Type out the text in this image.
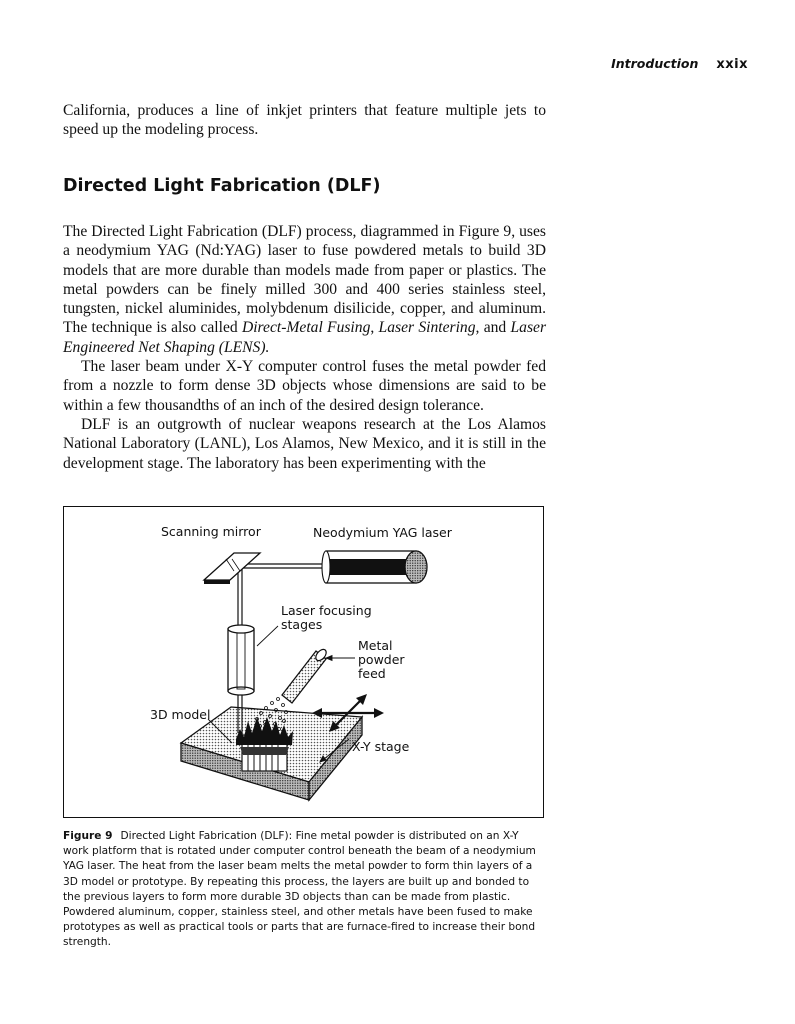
Introduction xxix

California, produces a line of inkjet printers that feature multiple jets to speed up the modeling process.

Directed Light Fabrication (DLF)

The Directed Light Fabrication (DLF) process, diagrammed in Figure 9, uses a neodymium YAG (Nd:YAG) laser to fuse powdered metals to build 3D models that are more durable than models made from paper or plastics. The metal powders can be finely milled 300 and 400 series stainless steel, tungsten, nickel aluminides, molybdenum disilicide, copper, and aluminum. The technique is also called Direct-Metal Fusing, Laser Sintering, and Laser Engineered Net Shaping (LENS).

The laser beam under X-Y computer control fuses the metal powder fed from a nozzle to form dense 3D objects whose dimensions are said to be within a few thousandths of an inch of the desired design tolerance.

DLF is an outgrowth of nuclear weapons research at the Los Alamos National Laboratory (LANL), Los Alamos, New Mexico, and it is still in the development stage. The laboratory has been experimenting with the

Scanning mirror	Neodymium YAG laser
Laser focusing
stages
Metal
powder
feed
3D model
X-Y stage

Figure 9 Directed Light Fabrication (DLF): Fine metal powder is distributed on an X-Y work platform that is rotated under computer control beneath the beam of a neodymium YAG laser. The heat from the laser beam melts the metal powder to form thin layers of a 3D model or prototype. By repeating this process, the layers are built up and bonded to the previous layers to form more durable 3D objects than can be made from plastic. Powdered aluminum, copper, stainless steel, and other metals have been fused to make prototypes as well as practical tools or parts that are furnace-fired to increase their bond strength.
